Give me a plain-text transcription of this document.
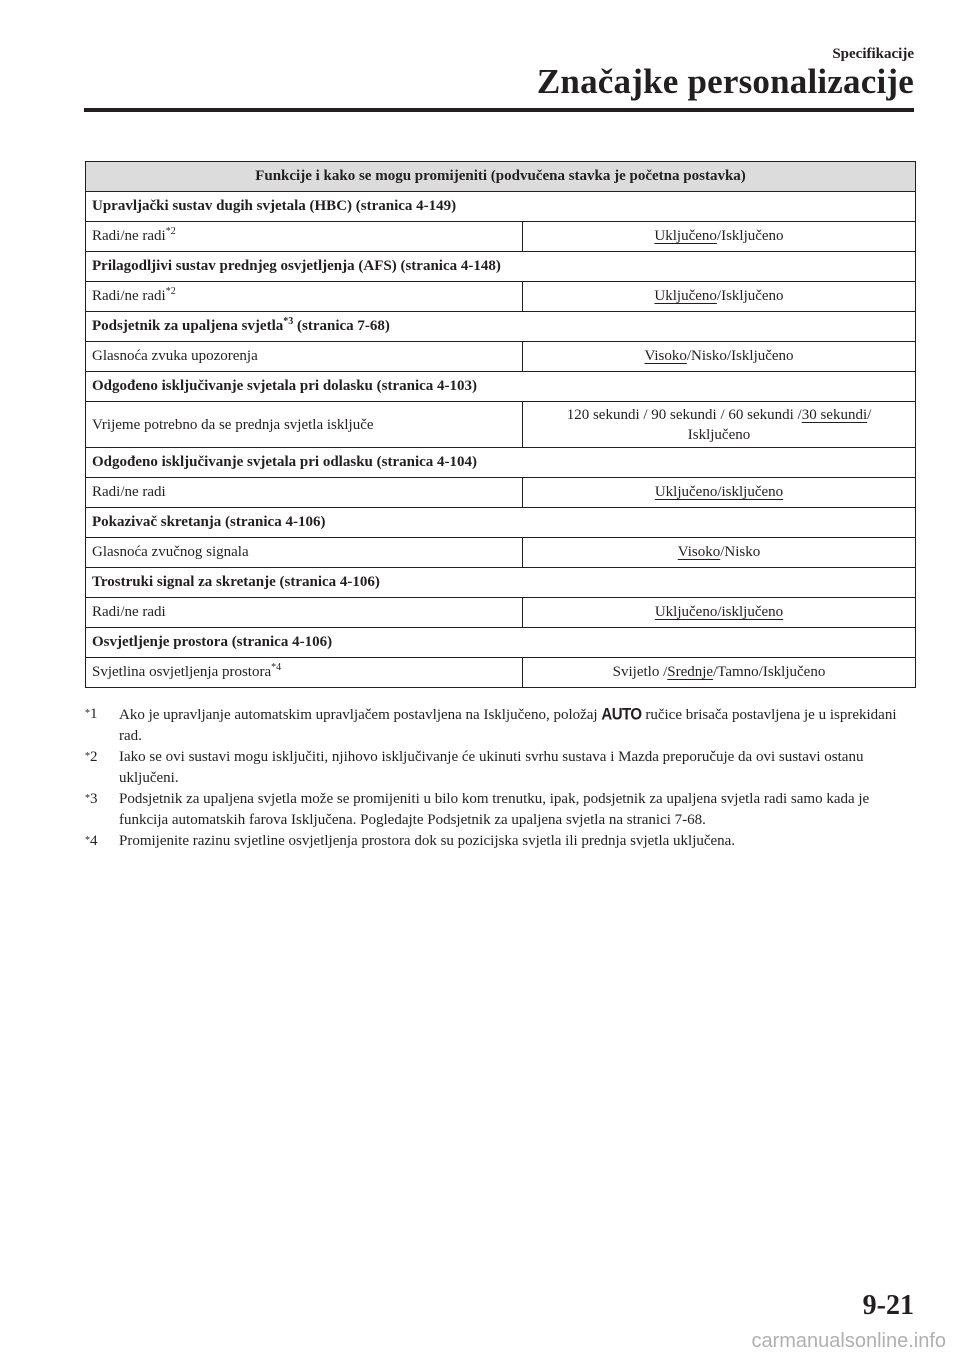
Specifikacije
Značajke personalizacije
Funkcije i kako se mogu promijeniti (podvučena stavka je početna postavka)	
Upravljački sustav dugih svjetala (HBC) (stranica 4-149)	
Radi/ne radi$^{*2}$	Uključeno/Isključeno
Prilagodljivi sustav prednjeg osvjetljenja (AFS) (stranica 4-148)	
Radi/ne radi$^{*2}$	Uključeno/Isključeno
Podsjetnik za upaljena svjetla$^{*3}$ (stranica 7-68)	
Glasnoća zvuka upozorenja	Visoko/Nisko/Isključeno
Odgođeno isključivanje svjetala pri dolasku (stranica 4-103)	
Vrijeme potrebno da se prednja svjetla isključe	120 sekundi / 90 sekundi / 60 sekundi /30 sekundi/
Isključeno
Odgođeno isključivanje svjetala pri odlasku (stranica 4-104)	
Radi/ne radi	Uključeno/isključeno
Pokazivač skretanja (stranica 4-106)	
Glasnoća zvučnog signala	Visoko/Nisko
Trostruki signal za skretanje (stranica 4-106)	
Radi/ne radi	Uključeno/isključeno
Osvjetljenje prostora (stranica 4-106)	
Svjetlina osvjetljenja prostora$^{*4}$	Svijetlo /Srednje/Tamno/Isključeno
*1 Ako je upravljanje automatskim upravljačem postavljena na Isključeno, položaj AUTO ručice brisača postavljena je u isprekidani rad.
*2 Iako se ovi sustavi mogu isključiti, njihovo isključivanje će ukinuti svrhu sustava i Mazda preporučuje da ovi sustavi ostanu uključeni.
*3 Podsjetnik za upaljena svjetla može se promijeniti u bilo kom trenutku, ipak, podsjetnik za upaljena svjetla radi samo kada je funkcija automatskih farova Isključena. Pogledajte Podsjetnik za upaljena svjetla na stranici 7-68.
*4 Promijenite razinu svjetline osvjetljenja prostora dok su pozicijska svjetla ili prednja svjetla uključena.
9-21
carmanualsonline.info
